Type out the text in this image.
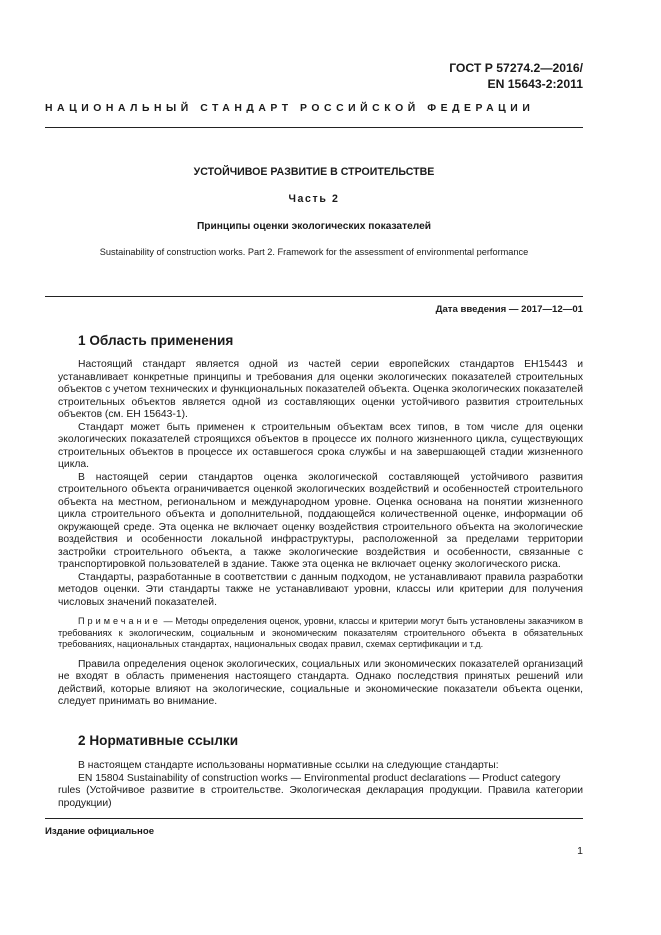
ГОСТ Р 57274.2—2016/
EN 15643-2:2011
НАЦИОНАЛЬНЫЙ СТАНДАРТ РОССИЙСКОЙ ФЕДЕРАЦИИ
УСТОЙЧИВОЕ РАЗВИТИЕ В СТРОИТЕЛЬСТВЕ
Часть 2
Принципы оценки экологических показателей
Sustainability of construction works. Part 2. Framework for the assessment of environmental performance
Дата введения — 2017—12—01
1 Область применения

Настоящий стандарт является одной из частей серии европейских стандартов ЕН15443 и устанавливает конкретные принципы и требования для оценки экологических показателей строительных объектов с учетом технических и функциональных показателей объекта. Оценка экологических показателей строительных объектов является одной из составляющих оценки устойчивого развития строительных объектов (см. ЕН 15643-1).

Стандарт может быть применен к строительным объектам всех типов, в том числе для оценки экологических показателей строящихся объектов в процессе их полного жизненного цикла, существующих строительных объектов в процессе их оставшегося срока службы и на завершающей стадии жизненного цикла.

В настоящей серии стандартов оценка экологической составляющей устойчивого развития строительного объекта ограничивается оценкой экологических воздействий и особенностей строительного объекта на местном, региональном и международном уровне. Оценка основана на понятии жизненного цикла строительного объекта и дополнительной, поддающейся количественной оценке, информации об окружающей среде. Эта оценка не включает оценку воздействия строительного объекта на экологические воздействия и особенности локальной инфраструктуры, расположенной за пределами территории застройки строительного объекта, а также экологические воздействия и особенности, связанные с транспортировкой пользователей в здание. Также эта оценка не включает оценку экологического риска.

Стандарты, разработанные в соответствии с данным подходом, не устанавливают правила разработки методов оценки. Эти стандарты также не устанавливают уровни, классы или критерии для получения числовых значений показателей.

Примечание — Методы определения оценок, уровни, классы и критерии могут быть установлены заказчиком в требованиях к экологическим, социальным и экономическим показателям строительного объекта в обязательных требованиях, национальных стандартах, национальных сводах правил, схемах сертификации и т.д.

Правила определения оценок экологических, социальных или экономических показателей организаций не входят в область применения настоящего стандарта. Однако последствия принятых решений или действий, которые влияют на экологические, социальные и экономические показатели объекта оценки, следует принимать во внимание.

2 Нормативные ссылки

В настоящем стандарте использованы нормативные ссылки на следующие стандарты:

EN 15804 Sustainability of construction works — Environmental product declarations — Product category

rules (Устойчивое развитие в строительстве. Экологическая декларация продукции. Правила категории продукции)

Издание официальное
1
